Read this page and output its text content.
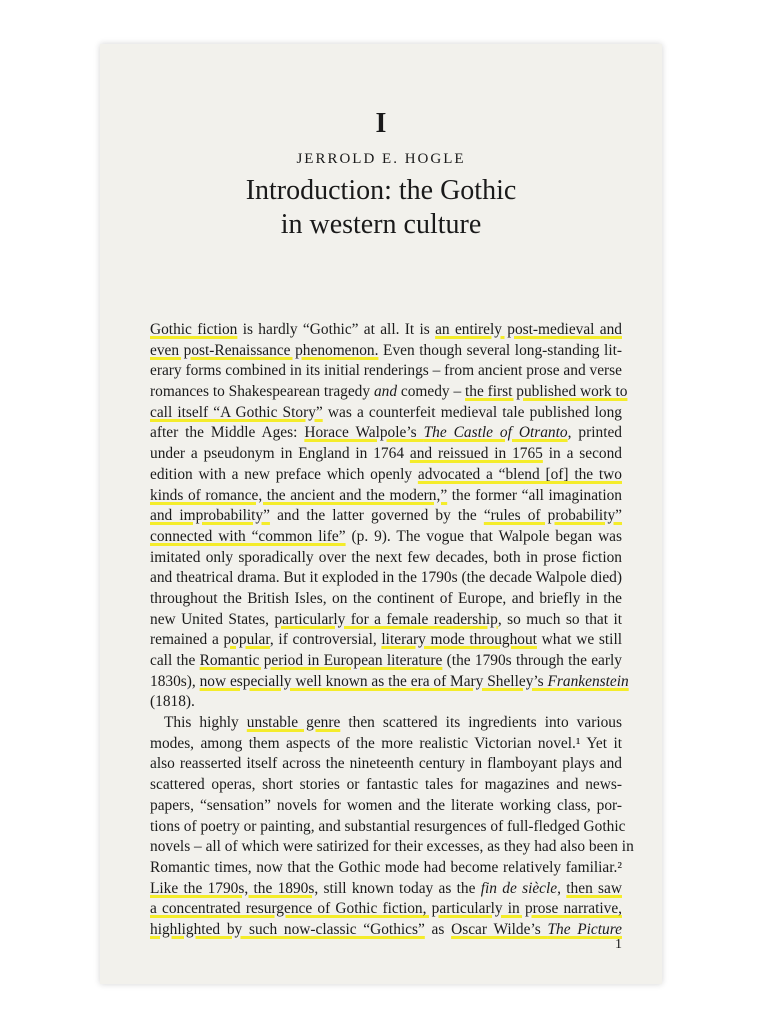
I
JERROLD E. HOGLE
Introduction: the Gothic
in western culture
Gothic fiction is hardly “Gothic” at all. It is an entirely post-medieval and
even post-Renaissance phenomenon. Even though several long-standing lit-
erary forms combined in its initial renderings – from ancient prose and verse
romances to Shakespearean tragedy and comedy – the first published work to
call itself “A Gothic Story” was a counterfeit medieval tale published long
after the Middle Ages: Horace Walpole’s The Castle of Otranto, printed
under a pseudonym in England in 1764 and reissued in 1765 in a second
edition with a new preface which openly advocated a “blend [of] the two
kinds of romance, the ancient and the modern,” the former “all imagination
and improbability” and the latter governed by the “rules of probability”
connected with “common life” (p. 9). The vogue that Walpole began was
imitated only sporadically over the next few decades, both in prose fiction
and theatrical drama. But it exploded in the 1790s (the decade Walpole died)
throughout the British Isles, on the continent of Europe, and briefly in the
new United States, particularly for a female readership, so much so that it
remained a popular, if controversial, literary mode throughout what we still
call the Romantic period in European literature (the 1790s through the early
1830s), now especially well known as the era of Mary Shelley’s Frankenstein
(1818).
This highly unstable genre then scattered its ingredients into various
modes, among them aspects of the more realistic Victorian novel.¹ Yet it
also reasserted itself across the nineteenth century in flamboyant plays and
scattered operas, short stories or fantastic tales for magazines and news-
papers, “sensation” novels for women and the literate working class, por-
tions of poetry or painting, and substantial resurgences of full-fledged Gothic
novels – all of which were satirized for their excesses, as they had also been in
Romantic times, now that the Gothic mode had become relatively familiar.²
Like the 1790s, the 1890s, still known today as the fin de siècle, then saw
a concentrated resurgence of Gothic fiction, particularly in prose narrative,
highlighted by such now-classic “Gothics” as Oscar Wilde’s The Picture
1
